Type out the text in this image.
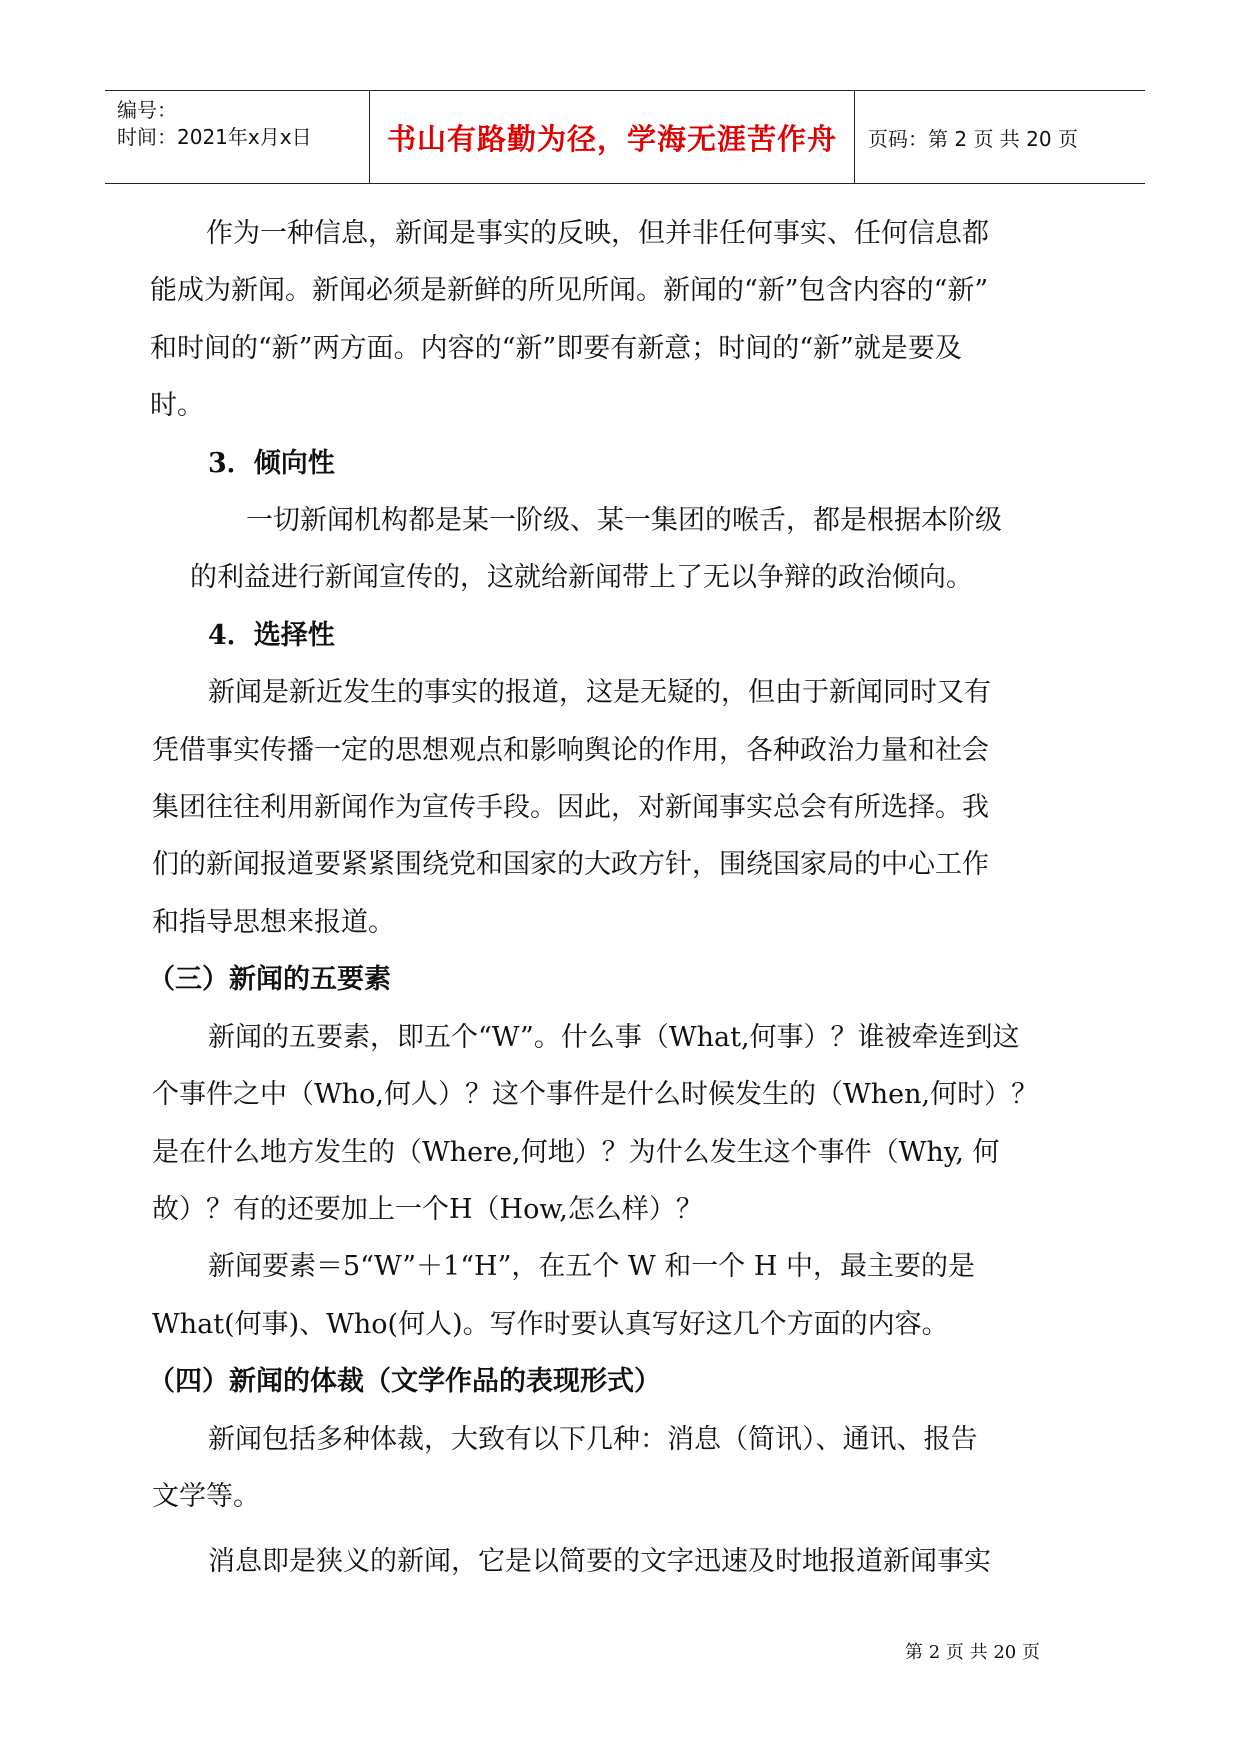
编号：
时间：2021年x月x日	书山有路勤为径，学海无涯苦作舟 页码：第 2 页 共 20 页
作为一种信息，新闻是事实的反映，但并非任何事实、任何信息都
能成为新闻。新闻必须是新鲜的所见所闻。新闻的“新”包含内容的“新”
和时间的“新”两方面。内容的“新”即要有新意；时间的“新”就是要及
时。
3．倾向性
一切新闻机构都是某一阶级、某一集团的喉舌，都是根据本阶级
的利益进行新闻宣传的，这就给新闻带上了无以争辩的政治倾向。
4．选择性
新闻是新近发生的事实的报道，这是无疑的，但由于新闻同时又有
凭借事实传播一定的思想观点和影响舆论的作用，各种政治力量和社会
集团往往利用新闻作为宣传手段。因此，对新闻事实总会有所选择。我
们的新闻报道要紧紧围绕党和国家的大政方针，围绕国家局的中心工作
和指导思想来报道。
（三）新闻的五要素
新闻的五要素，即五个“W”。什么事（What,何事）？谁被牵连到这
个事件之中（Who,何人）？这个事件是什么时候发生的（When,何时）？
是在什么地方发生的（Where,何地）？为什么发生这个事件（Why, 何
故）？有的还要加上一个H（How,怎么样）？
新闻要素＝5“W”＋1“H”，在五个 W 和一个 H 中，最主要的是
What(何事)、Who(何人)。写作时要认真写好这几个方面的内容。
（四）新闻的体裁（文学作品的表现形式）
新闻包括多种体裁，大致有以下几种：消息（简讯）、通讯、报告
文学等。
消息即是狭义的新闻，它是以简要的文字迅速及时地报道新闻事实
第 2 页 共 20 页
